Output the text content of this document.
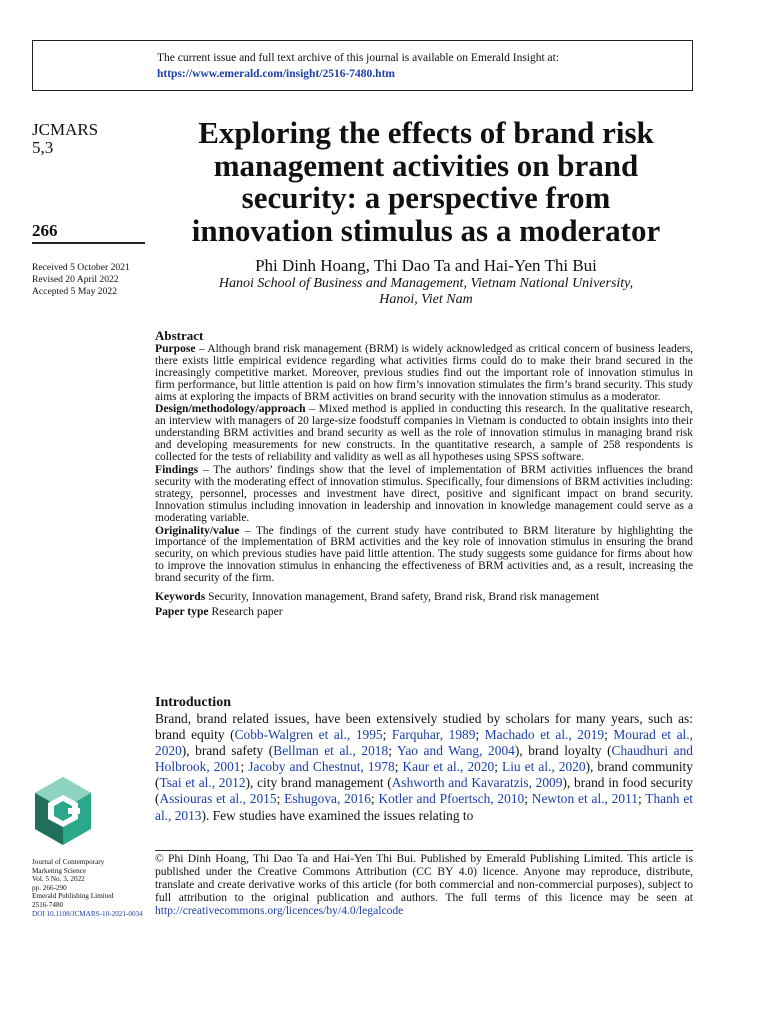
The current issue and full text archive of this journal is available on Emerald Insight at:
https://www.emerald.com/insight/2516-7480.htm
JCMARS
5,3
266
Received 5 October 2021
Revised 20 April 2022
Accepted 5 May 2022
Exploring the effects of brand risk
management activities on brand
security: a perspective from
innovation stimulus as a moderator
Phi Dinh Hoang, Thi Dao Ta and Hai-Yen Thi Bui
Hanoi School of Business and Management, Vietnam National University,
Hanoi, Viet Nam
Abstract

Purpose – Although brand risk management (BRM) is widely acknowledged as critical concern of business leaders, there exists little empirical evidence regarding what activities firms could do to make their brand secured in the increasingly competitive market. Moreover, previous studies find out the important role of innovation stimulus in firm performance, but little attention is paid on how firm’s innovation stimulates the firm’s brand security. This study aims at exploring the impacts of BRM activities on brand security with the innovation stimulus as a moderator.

Design/methodology/approach – Mixed method is applied in conducting this research. In the qualitative research, an interview with managers of 20 large-size foodstuff companies in Vietnam is conducted to obtain insights into their understanding BRM activities and brand security as well as the role of innovation stimulus in managing brand risk and developing measurements for new constructs. In the quantitative research, a sample of 258 respondents is collected for the tests of reliability and validity as well as all hypotheses using SPSS software.

Findings – The authors’ findings show that the level of implementation of BRM activities influences the brand security with the moderating effect of innovation stimulus. Specifically, four dimensions of BRM activities including: strategy, personnel, processes and investment have direct, positive and significant impact on brand security. Innovation stimulus including innovation in leadership and innovation in knowledge management could serve as a moderating variable.

Originality/value – The findings of the current study have contributed to BRM literature by highlighting the importance of the implementation of BRM activities and the key role of innovation stimulus in ensuring the brand security, on which previous studies have paid little attention. The study suggests some guidance for firms about how to improve the innovation stimulus in enhancing the effectiveness of BRM activities and, as a result, increasing the brand security of the firm.

Keywords Security, Innovation management, Brand safety, Brand risk, Brand risk management
Paper type Research paper

Introduction

Brand, brand related issues, have been extensively studied by scholars for many years, such as: brand equity (Cobb-Walgren et al., 1995; Farquhar, 1989; Machado et al., 2019; Mourad et al., 2020), brand safety (Bellman et al., 2018; Yao and Wang, 2004), brand loyalty (Chaudhuri and Holbrook, 2001; Jacoby and Chestnut, 1978; Kaur et al., 2020; Liu et al., 2020), brand community (Tsai et al., 2012), city brand management (Ashworth and Kavaratzis, 2009), brand in food security (Assiouras et al., 2015; Eshugova, 2016; Kotler and Pfoertsch, 2010; Newton et al., 2011; Thanh et al., 2013). Few studies have examined the issues relating to

Journal of Contemporary
Marketing Science
Vol. 5 No. 3, 2022
pp. 266-290
Emerald Publishing Limited
2516-7480
DOI 10.1108/JCMARS-10-2021-0034
© Phi Dinh Hoang, Thi Dao Ta and Hai-Yen Thi Bui. Published by Emerald Publishing Limited. This article is published under the Creative Commons Attribution (CC BY 4.0) licence. Anyone may reproduce, distribute, translate and create derivative works of this article (for both commercial and non-commercial purposes), subject to full attribution to the original publication and authors. The full terms of this licence may be seen at http://creativecommons.org/licences/by/4.0/legalcode
